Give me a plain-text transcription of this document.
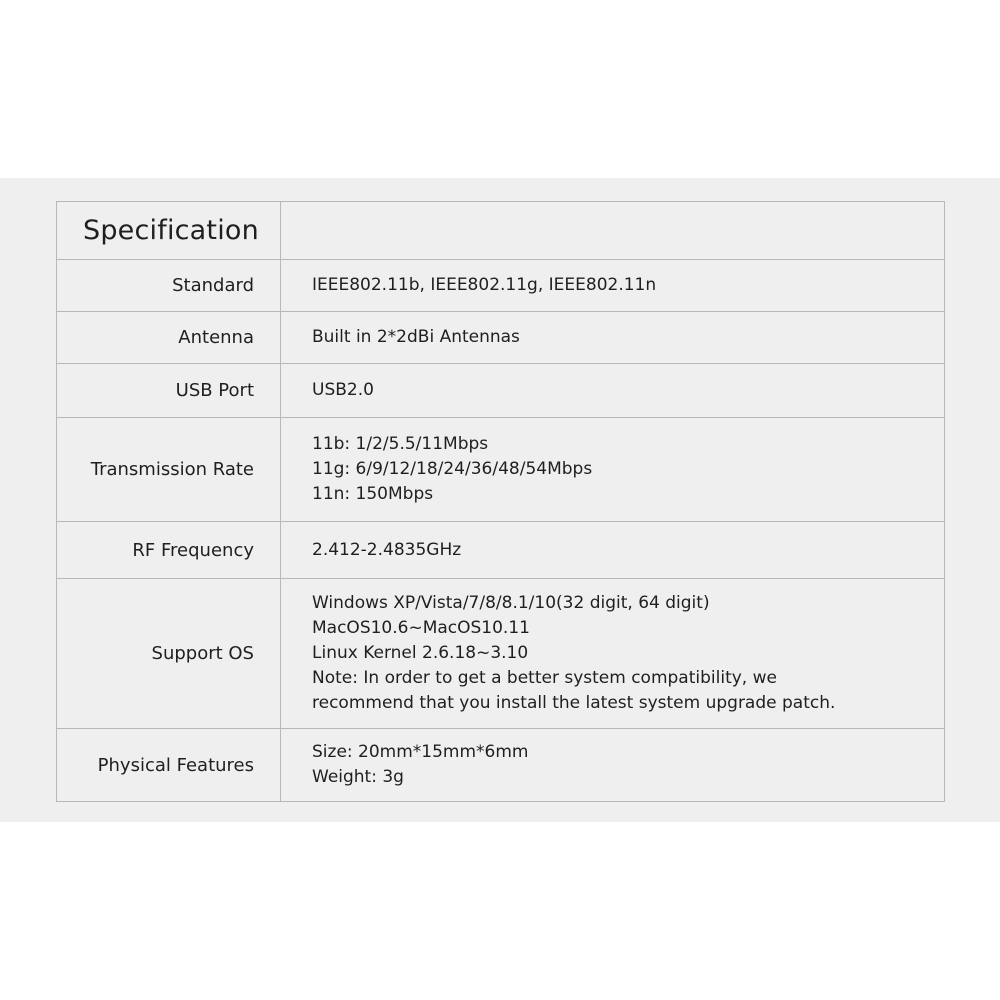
Specification	
Standard	IEEE802.11b, IEEE802.11g, IEEE802.11n

Antenna	Built in 2*2dBi Antennas

USB Port	USB2.0

Transmission Rate	11b: 1/2/5.5/11Mbps
11g: 6/9/12/18/24/36/48/54Mbps
11n: 150Mbps

RF Frequency	2.412-2.4835GHz

Support OS	Windows XP/Vista/7/8/8.1/10(32 digit, 64 digit)
MacOS10.6~MacOS10.11
Linux Kernel 2.6.18~3.10
Note: In order to get a better system compatibility, we
recommend that you install the latest system upgrade patch.

Physical Features	Size: 20mm*15mm*6mm
Weight: 3g
